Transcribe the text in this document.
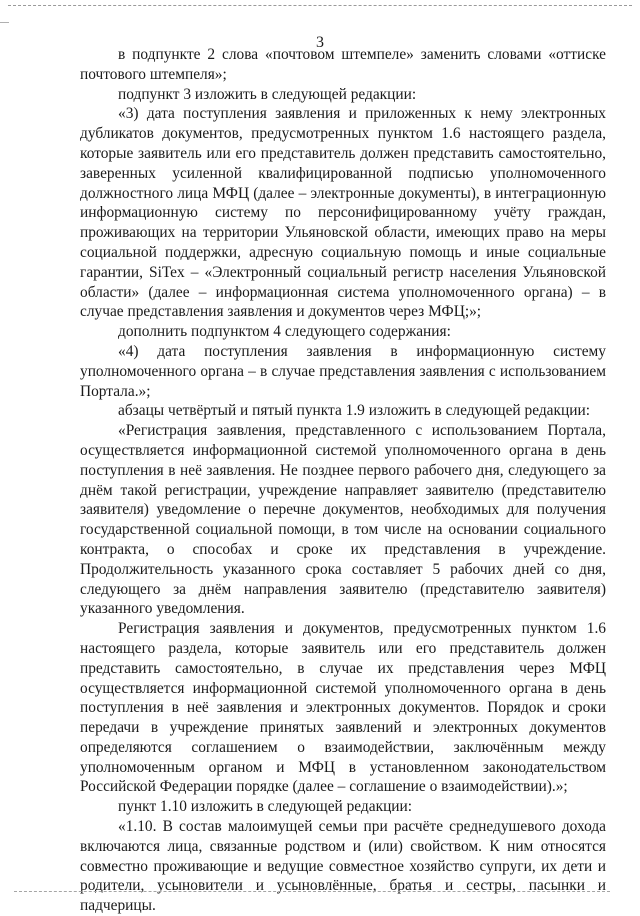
3

в подпункте 2 слова «почтовом штемпеле» заменить словами «оттиске почтового штемпеля»;

подпункт 3 изложить в следующей редакции:

«3) дата поступления заявления и приложенных к нему электронных дубликатов документов, предусмотренных пунктом 1.6 настоящего раздела, которые заявитель или его представитель должен представить самостоятельно, заверенных усиленной квалифицированной подписью уполномоченного должностного лица МФЦ (далее – электронные документы), в интеграционную информационную систему по персонифицированному учёту граждан, проживающих на территории Ульяновской области, имеющих право на меры социальной поддержки, адресную социальную помощь и иные социальные гарантии, SiTex – «Электронный социальный регистр населения Ульяновской области» (далее – информационная система уполномоченного органа) – в случае представления заявления и документов через МФЦ;»;

дополнить подпунктом 4 следующего содержания:

«4) дата поступления заявления в информационную систему уполномоченного органа – в случае представления заявления с использованием Портала.»;

абзацы четвёртый и пятый пункта 1.9 изложить в следующей редакции:

«Регистрация заявления, представленного с использованием Портала, осуществляется информационной системой уполномоченного органа в день поступления в неё заявления. Не позднее первого рабочего дня, следующего за днём такой регистрации, учреждение направляет заявителю (представителю заявителя) уведомление о перечне документов, необходимых для получения государственной социальной помощи, в том числе на основании социального контракта, о способах и сроке их представления в учреждение. Продолжительность указанного срока составляет 5 рабочих дней со дня, следующего за днём направления заявителю (представителю заявителя) указанного уведомления.

Регистрация заявления и документов, предусмотренных пунктом 1.6 настоящего раздела, которые заявитель или его представитель должен представить самостоятельно, в случае их представления через МФЦ осуществляется информационной системой уполномоченного органа в день поступления в неё заявления и электронных документов. Порядок и сроки передачи в учреждение принятых заявлений и электронных документов определяются соглашением о взаимодействии, заключённым между уполномоченным органом и МФЦ в установленном законодательством Российской Федерации порядке (далее – соглашение о взаимодействии).»;

пункт 1.10 изложить в следующей редакции:

«1.10. В состав малоимущей семьи при расчёте среднедушевого дохода включаются лица, связанные родством и (или) свойством. К ним относятся совместно проживающие и ведущие совместное хозяйство супруги, их дети и родители, усыновители и усыновлённые, братья и сестры, пасынки и падчерицы.
